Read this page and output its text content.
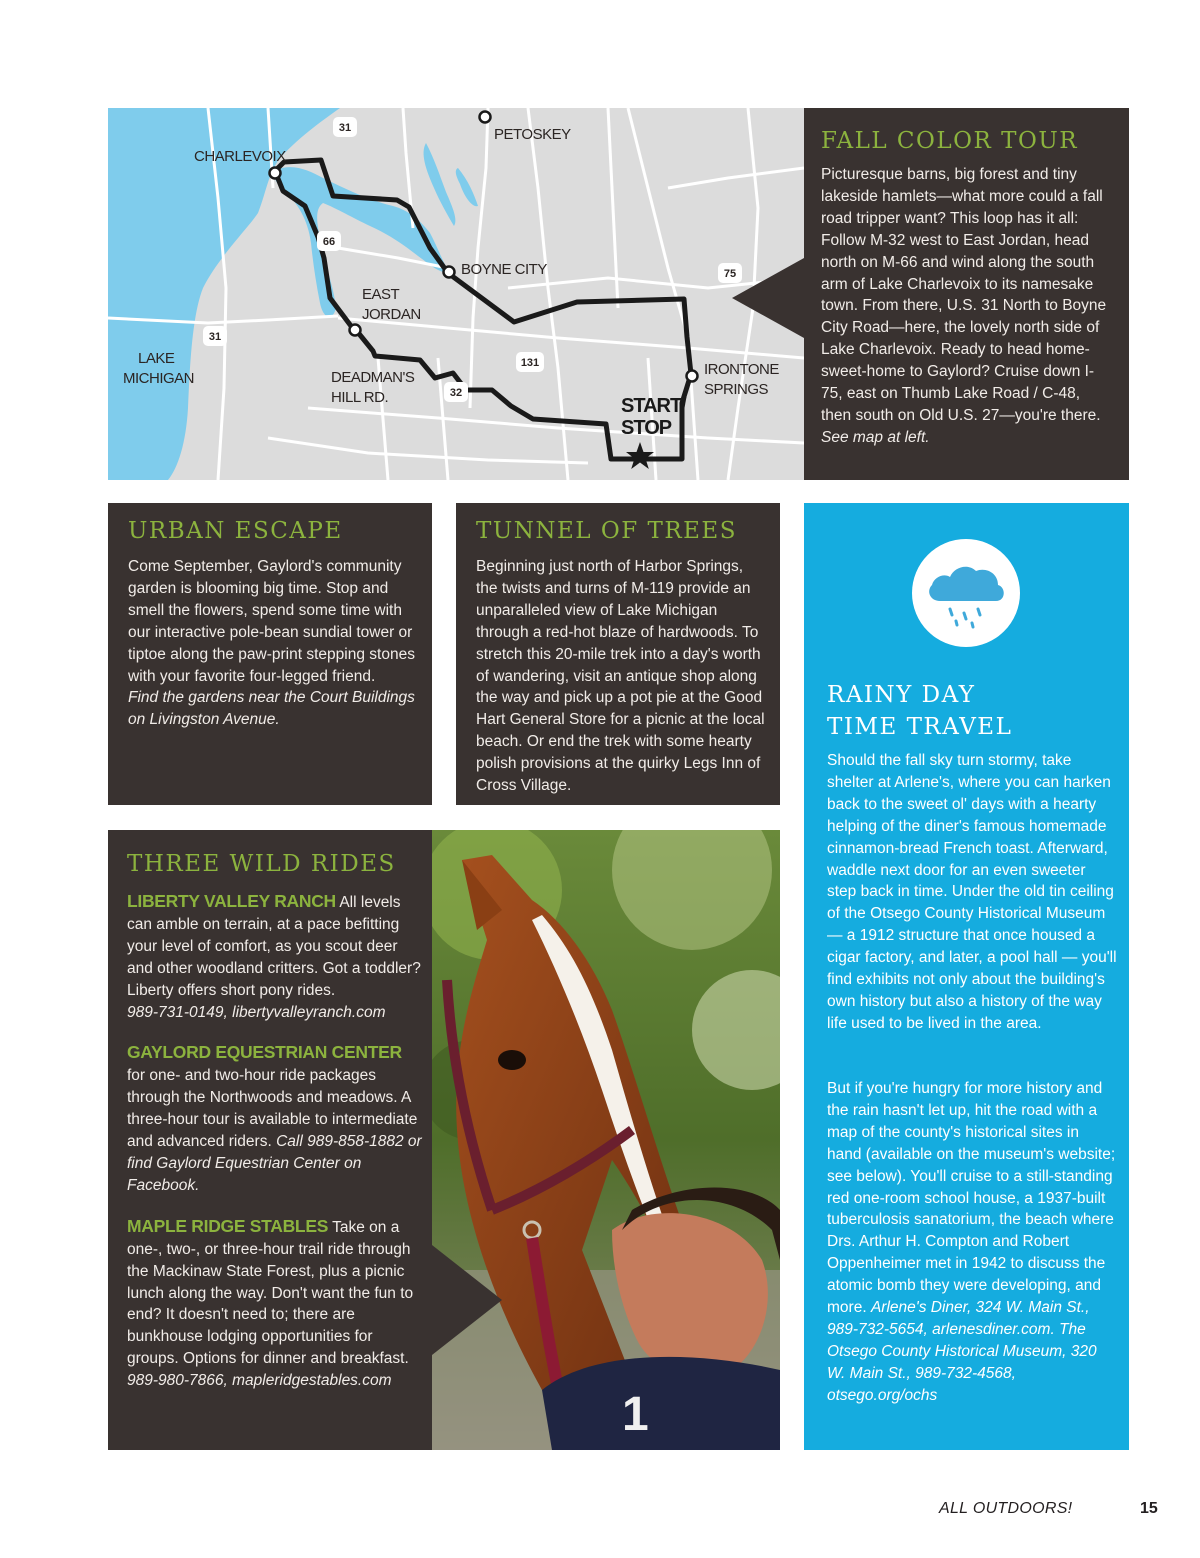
31
66
31
75
131
32
CHARLEVOIX
PETOSKEY
BOYNE CITY
EAST
JORDAN
LAKE
MICHIGAN	DEADMAN'S
HILL RD.
IRONTONE
SPRINGS
START/
STOP
FALL COLOR TOUR
Picturesque barns, big forest and tiny lakeside hamlets—what more could a fall road tripper want? This loop has it all: Follow M-32 west to East Jordan, head north on M-66 and wind along the south arm of Lake Charlevoix to its namesake town. From there, U.S. 31 North to Boyne City Road—here, the lovely north side of Lake Charlevoix. Ready to head home-sweet-home to Gaylord? Cruise down I-75, east on Thumb Lake Road / C-48, then south on Old U.S. 27—you're there. See map at left.
URBAN ESCAPE
Come September, Gaylord's community garden is blooming big time. Stop and smell the flowers, spend some time with our interactive pole-bean sundial tower or tiptoe along the paw-print stepping stones with your favorite four-legged friend.
Find the gardens near the Court Buildings on Livingston Avenue.
TUNNEL OF TREES
Beginning just north of Harbor Springs, the twists and turns of M-119 provide an unparalleled view of Lake Michigan through a red-hot blaze of hardwoods. To stretch this 20-mile trek into a day's worth of wandering, visit an antique shop along the way and pick up a pot pie at the Good Hart General Store for a picnic at the local beach. Or end the trek with some hearty polish provisions at the quirky Legs Inn of Cross Village.
THREE WILD RIDES
LIBERTY VALLEY RANCH All levels can amble on terrain, at a pace befitting your level of comfort, as you scout deer and other woodland critters. Got a toddler? Liberty offers short pony rides.
989-731-0149, libertyvalleyranch.com
GAYLORD EQUESTRIAN CENTER
for one- and two-hour ride packages through the Northwoods and meadows. A three-hour tour is available to intermediate and advanced riders. Call 989-858-1882 or find Gaylord Equestrian Center on Facebook.
MAPLE RIDGE STABLES Take on a one-, two-, or three-hour trail ride through the Mackinaw State Forest, plus a picnic lunch along the way. Don't want the fun to end? It doesn't need to; there are bunkhouse lodging opportunities for groups. Options for dinner and breakfast. 989-980-7866, mapleridgestables.com
1
RAINY DAY
TIME TRAVEL
Should the fall sky turn stormy, take shelter at Arlene's, where you can harken back to the sweet ol' days with a hearty helping of the diner's famous homemade cinnamon-bread French toast. Afterward, waddle next door for an even sweeter step back in time. Under the old tin ceiling of the Otsego County Historical Museum — a 1912 structure that once housed a cigar factory, and later, a pool hall — you'll find exhibits not only about the building's own history but also a history of the way life used to be lived in the area.
But if you're hungry for more history and the rain hasn't let up, hit the road with a map of the county's historical sites in hand (available on the museum's website; see below). You'll cruise to a still-standing red one-room school house, a 1937-built tuberculosis sanatorium, the beach where Drs. Arthur H. Compton and Robert Oppenheimer met in 1942 to discuss the atomic bomb they were developing, and more. Arlene's Diner, 324 W. Main St., 989-732-5654, arlenesdiner.com. The Otsego County Historical Museum, 320 W. Main St., 989-732-4568, otsego.org/ochs
ALL OUTDOORS!	15
